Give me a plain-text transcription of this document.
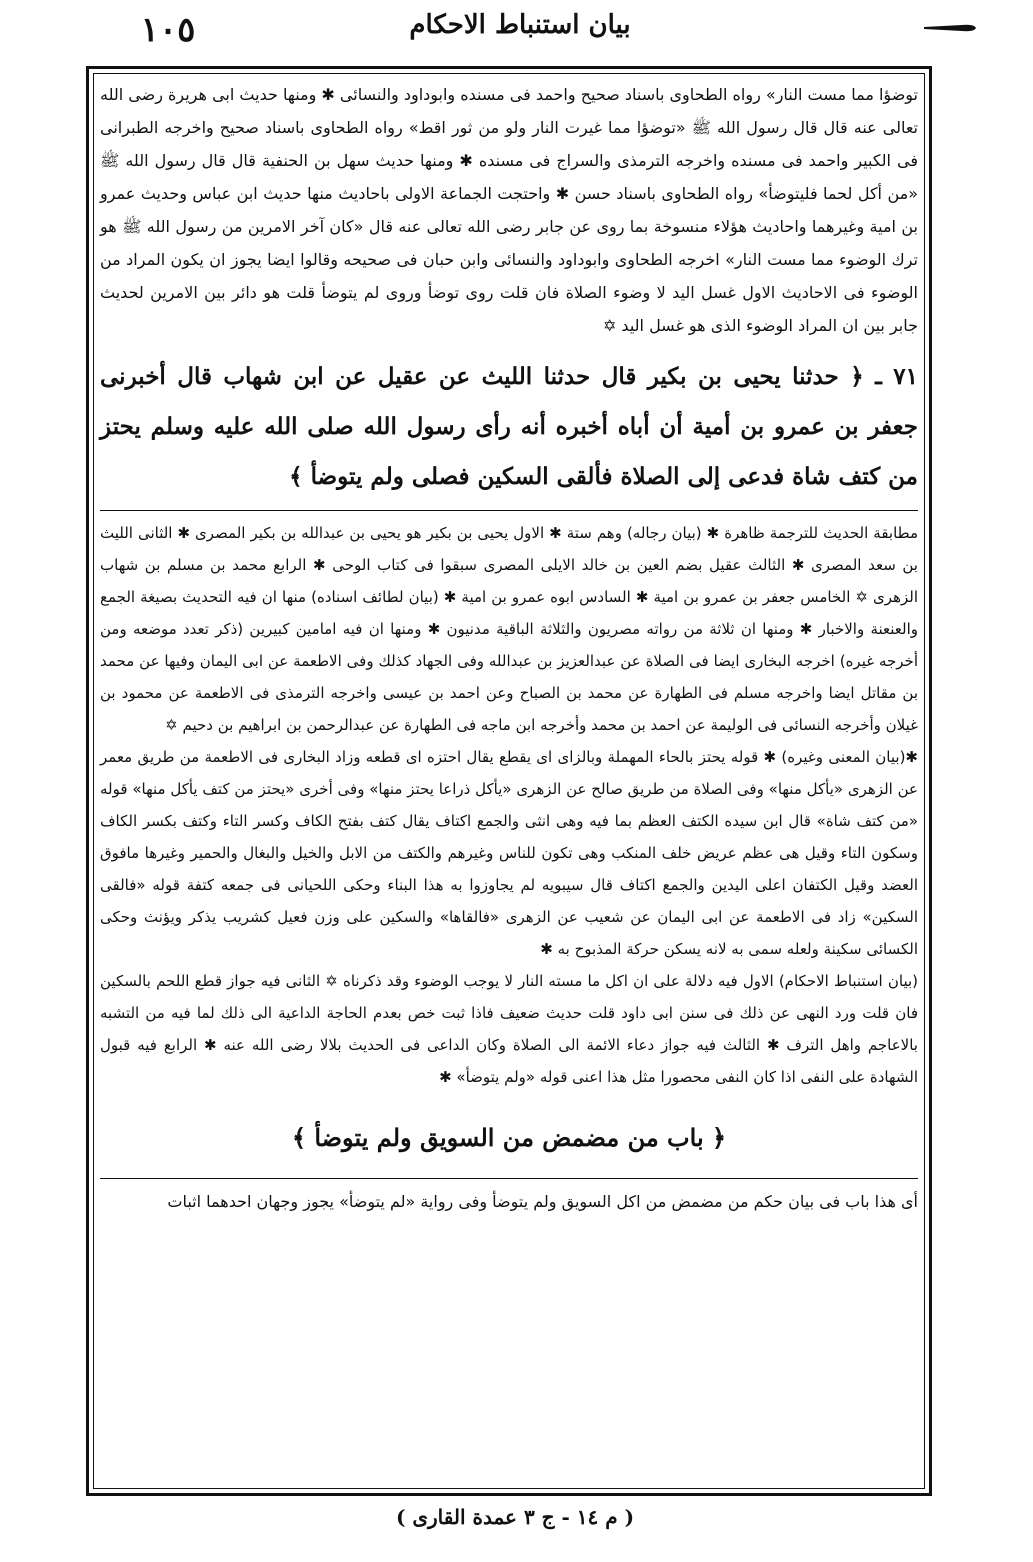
١٠٥	بيان استنباط الاحكام

توضؤا مما مست النار» رواه الطحاوى باسناد صحيح واحمد فى مسنده وابوداود والنسائى ✱ ومنها حديث ابى هريرة رضى الله تعالى عنه قال قال رسول الله ﷺ «توضؤا مما غيرت النار ولو من ثور اقط» رواه الطحاوى باسناد صحيح واخرجه الطبرانى فى الكبير واحمد فى مسنده واخرجه الترمذى والسراج فى مسنده ✱ ومنها حديث سهل بن الحنفية قال قال رسول الله ﷺ «من أكل لحما فليتوضأ» رواه الطحاوى باسناد حسن ✱ واحتجت الجماعة الاولى باحاديث منها حديث ابن عباس وحديث عمرو بن امية وغيرهما واحاديث هؤلاء منسوخة بما روى عن جابر رضى الله تعالى عنه قال «كان آخر الامرين من رسول الله ﷺ هو ترك الوضوء مما مست النار» اخرجه الطحاوى وابوداود والنسائى وابن حبان فى صحيحه وقالوا ايضا يجوز ان يكون المراد من الوضوء فى الاحاديث الاول غسل اليد لا وضوء الصلاة فان قلت روى توضأ وروى لم يتوضأ قلت هو دائر بين الامرين لحديث جابر بين ان المراد الوضوء الذى هو غسل اليد ✡

٧١ ـ ﴿ حدثنا يحيى بن بكير قال حدثنا الليث عن عقيل عن ابن شهاب قال أخبرنى جعفر بن عمرو بن أمية أن أباه أخبره أنه رأى رسول الله صلى الله عليه وسلم يحتز من كتف شاة فدعى إلى الصلاة فألقى السكين فصلى ولم يتوضأ ﴾

مطابقة الحديث للترجمة ظاهرة ✱ (بيان رجاله) وهم ستة ✱ الاول يحيى بن بكير هو يحيى بن عبدالله بن بكير المصرى ✱ الثانى الليث بن سعد المصرى ✱ الثالث عقيل بضم العين بن خالد الايلى المصرى سبقوا فى كتاب الوحى ✱ الرابع محمد بن مسلم بن شهاب الزهرى ✡ الخامس جعفر بن عمرو بن امية ✱ السادس ابوه عمرو بن امية ✱ (بيان لطائف اسناده) منها ان فيه التحديث بصيغة الجمع والعنعنة والاخبار ✱ ومنها ان ثلاثة من رواته مصريون والثلاثة الباقية مدنيون ✱ ومنها ان فيه امامين كبيرين (ذكر تعدد موضعه ومن أخرجه غيره) اخرجه البخارى ايضا فى الصلاة عن عبدالعزيز بن عبدالله وفى الجهاد كذلك وفى الاطعمة عن ابى اليمان وفيها عن محمد بن مقاتل ايضا واخرجه مسلم فى الطهارة عن محمد بن الصباح وعن احمد بن عيسى واخرجه الترمذى فى الاطعمة عن محمود بن غيلان وأخرجه النسائى فى الوليمة عن احمد بن محمد وأخرجه ابن ماجه فى الطهارة عن عبدالرحمن بن ابراهيم بن دحيم ✡

✱(بيان المعنى وغيره) ✱ قوله يحتز بالحاء المهملة وبالزاى اى يقطع يقال احتزه اى قطعه وزاد البخارى فى الاطعمة من طريق معمر عن الزهرى «يأكل منها» وفى الصلاة من طريق صالح عن الزهرى «يأكل ذراعا يحتز منها» وفى أخرى «يحتز من كتف يأكل منها» قوله «من كتف شاة» قال ابن سيده الكتف العظم بما فيه وهى انثى والجمع اكتاف يقال كتف بفتح الكاف وكسر التاء وكتف بكسر الكاف وسكون التاء وقيل هى عظم عريض خلف المنكب وهى تكون للناس وغيرهم والكتف من الابل والخيل والبغال والحمير وغيرها مافوق العضد وقيل الكتفان اعلى اليدين والجمع اكتاف قال سيبويه لم يجاوزوا به هذا البناء وحكى اللحيانى فى جمعه كتفة قوله «فالقى السكين» زاد فى الاطعمة عن ابى اليمان عن شعيب عن الزهرى «فالقاها» والسكين على وزن فعيل كشريب يذكر ويؤنث وحكى الكسائى سكينة ولعله سمى به لانه يسكن حركة المذبوح به ✱

(بيان استنباط الاحكام) الاول فيه دلالة على ان اكل ما مسته النار لا يوجب الوضوء وقد ذكرناه ✡ الثانى فيه جواز قطع اللحم بالسكين فان قلت ورد النهى عن ذلك فى سنن ابى داود قلت حديث ضعيف فاذا ثبت خص بعدم الحاجة الداعية الى ذلك لما فيه من التشبه بالاعاجم واهل الترف ✱ الثالث فيه جواز دعاء الائمة الى الصلاة وكان الداعى فى الحديث بلالا رضى الله عنه ✱ الرابع فيه قبول الشهادة على النفى اذا كان النفى محصورا مثل هذا اعنى قوله «ولم يتوضأ» ✱

﴿ باب من مضمض من السويق ولم يتوضأ ﴾

أى هذا باب فى بيان حكم من مضمض من اكل السويق ولم يتوضأ وفى رواية «لم يتوضأ» يجوز وجهان احدهما اثبات

( م ١٤ - ج ٣ عمدة القارى )
